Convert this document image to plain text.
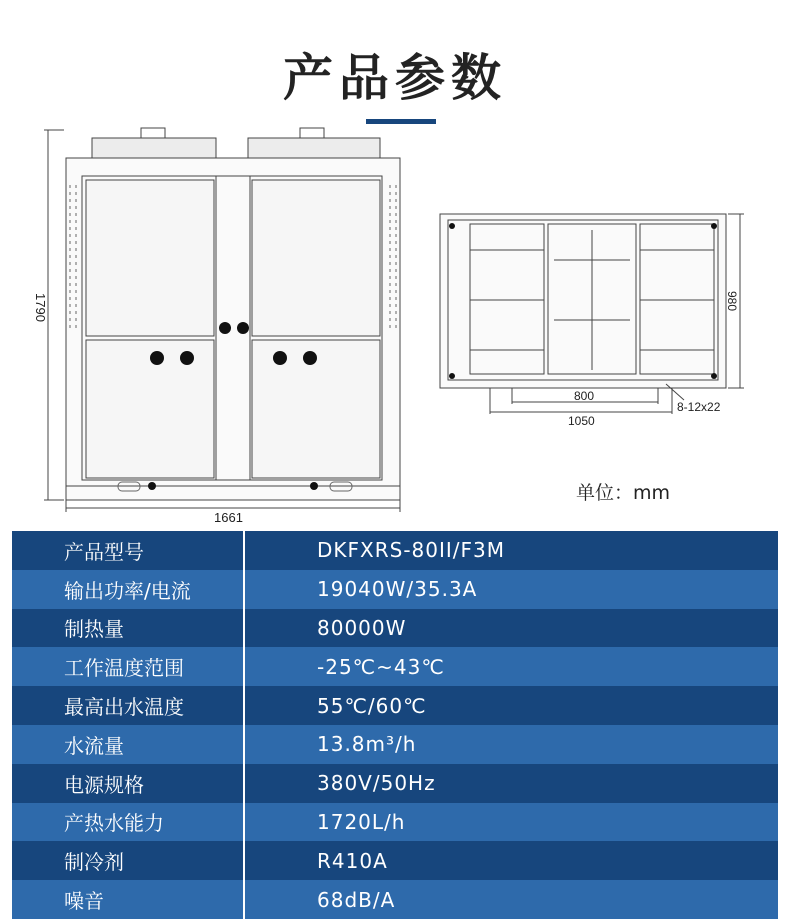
产品参数
1790
1661
980
800
1050
8-12x22
单位：mm
产品型号	DKFXRS-80II/F3M
输出功率/电流	19040W/35.3A
制热量	80000W
工作温度范围	-25℃~43℃
最高出水温度	55℃/60℃
水流量	13.8m³/h
电源规格	380V/50Hz
产热水能力	1720L/h
制冷剂	R410A
噪音	68dB/A
